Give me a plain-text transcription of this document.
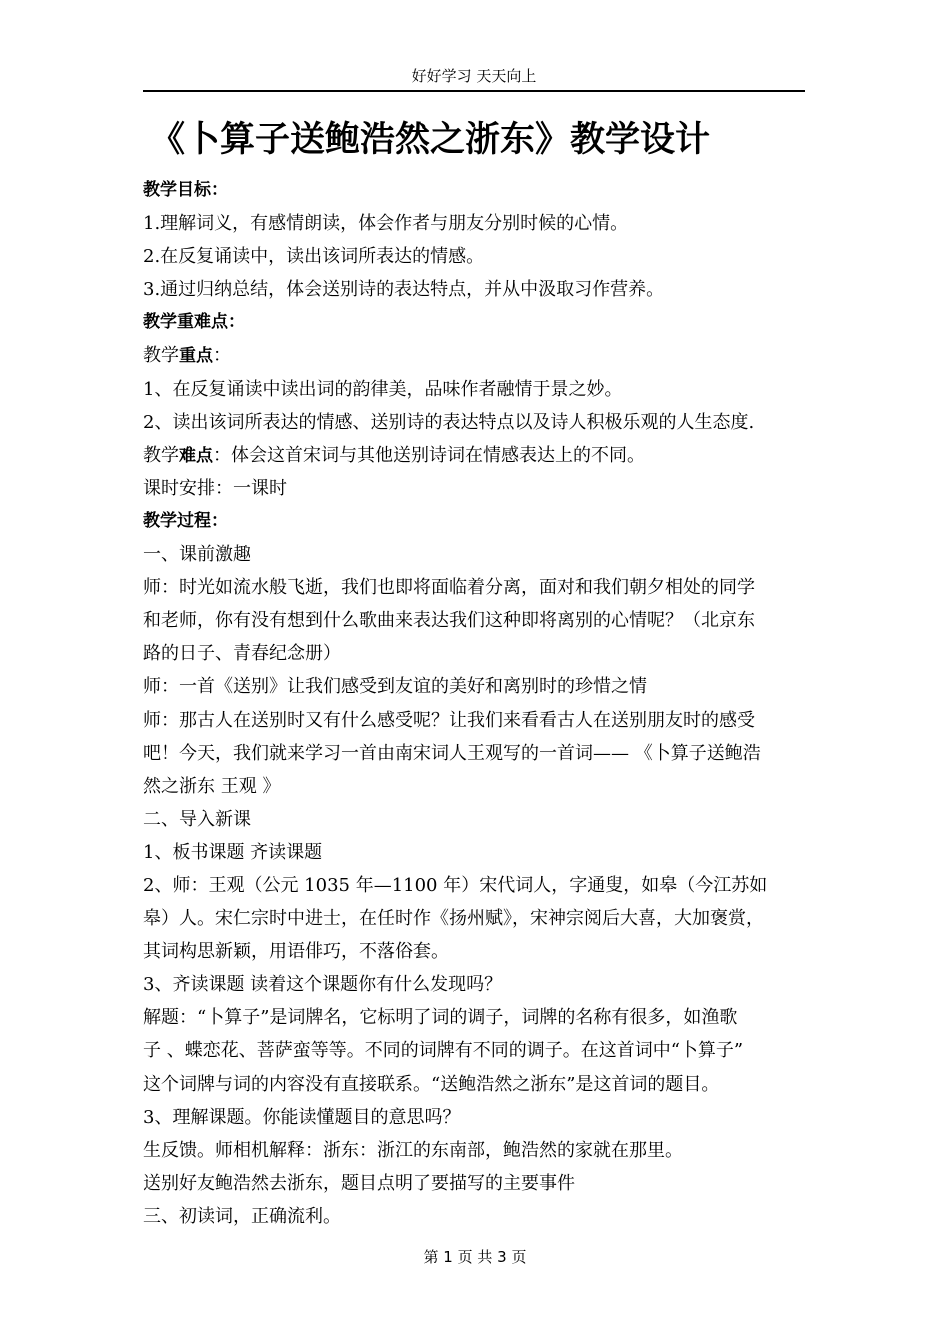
好好学习 天天向上
《卜算子送鲍浩然之浙东》教学设计
教学目标：
1.理解词义，有感情朗读，体会作者与朋友分别时候的心情。
2.在反复诵读中，读出该词所表达的情感。
3.通过归纳总结，体会送别诗的表达特点，并从中汲取习作营养。
教学重难点：
教学重点：
1、在反复诵读中读出词的韵律美，品味作者融情于景之妙。
2、读出该词所表达的情感、送别诗的表达特点以及诗人积极乐观的人生态度.
教学难点：体会这首宋词与其他送别诗词在情感表达上的不同。
课时安排：一课时
教学过程：
一、课前激趣
师：时光如流水般飞逝，我们也即将面临着分离，面对和我们朝夕相处的同学
和老师，你有没有想到什么歌曲来表达我们这种即将离别的心情呢？（北京东
路的日子、青春纪念册）
师：一首《送别》让我们感受到友谊的美好和离别时的珍惜之情
师：那古人在送别时又有什么感受呢？让我们来看看古人在送别朋友时的感受
吧！今天，我们就来学习一首由南宋词人王观写的一首词—— 《卜算子送鲍浩
然之浙东 王观 》
二、导入新课
1、板书课题 齐读课题
2、师：王观（公元 1035 年—1100 年）宋代词人，字通叟，如皋（今江苏如
皋）人。宋仁宗时中进士，在任时作《扬州赋》，宋神宗阅后大喜，大加褒赏，
其词构思新颖，用语俳巧，不落俗套。
3、齐读课题 读着这个课题你有什么发现吗？
解题：“卜算子”是词牌名，它标明了词的调子，词牌的名称有很多，如渔歌
子 、蝶恋花、菩萨蛮等等。不同的词牌有不同的调子。在这首词中“卜算子”
这个词牌与词的内容没有直接联系。“送鲍浩然之浙东”是这首词的题目。
3、理解课题。你能读懂题目的意思吗？
生反馈。师相机解释：浙东：浙江的东南部，鲍浩然的家就在那里。
送别好友鲍浩然去浙东，题目点明了要描写的主要事件
三、初读词，正确流利。
第 1 页 共 3 页
